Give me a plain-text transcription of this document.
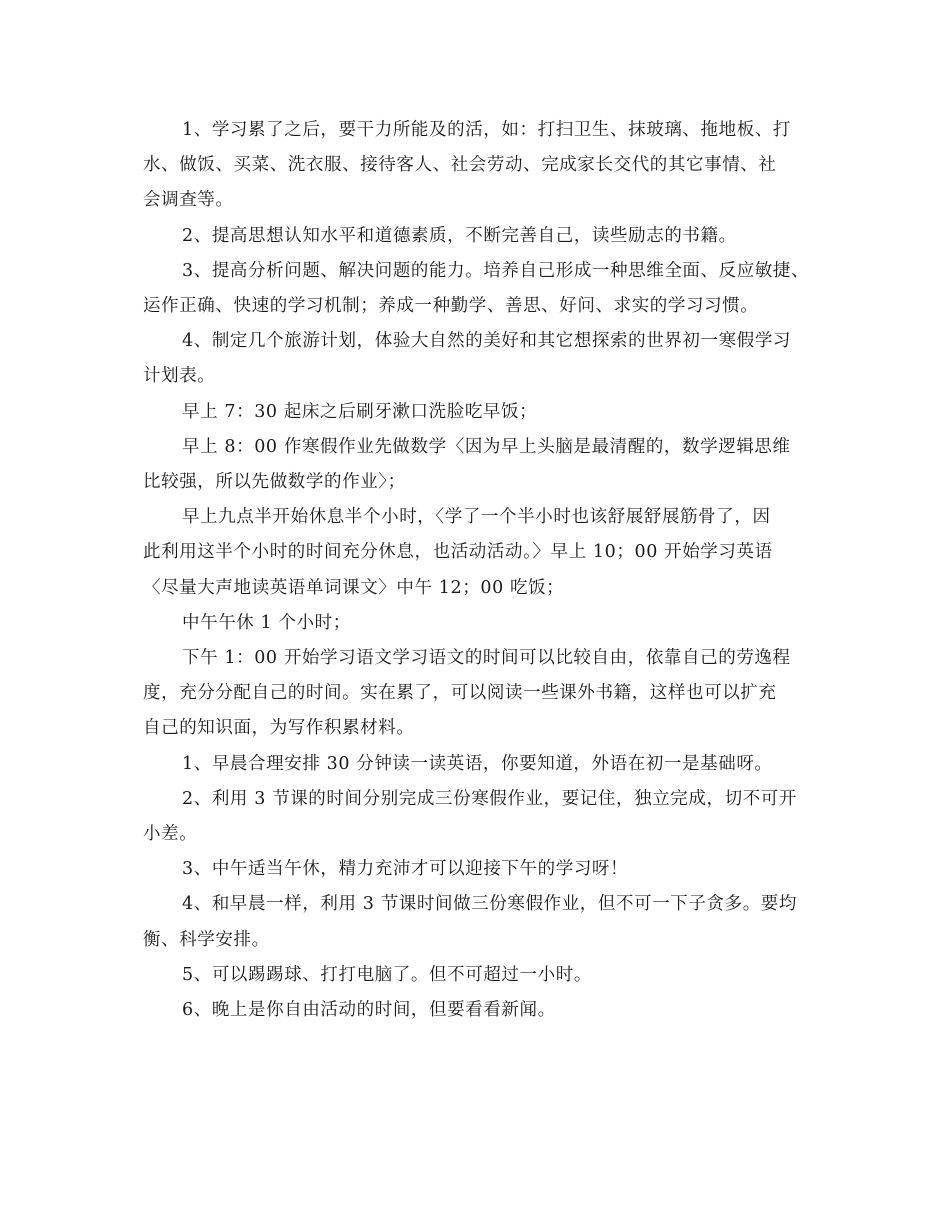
1、学习累了之后，要干力所能及的活，如：打扫卫生、抹玻璃、拖地板、打
水、做饭、买菜、洗衣服、接待客人、社会劳动、完成家长交代的其它事情、社
会调查等。
2、提高思想认知水平和道德素质，不断完善自己，读些励志的书籍。
3、提高分析问题、解决问题的能力。培养自己形成一种思维全面、反应敏捷、
运作正确、快速的学习机制；养成一种勤学、善思、好问、求实的学习习惯。
4、制定几个旅游计划，体验大自然的美好和其它想探索的世界初一寒假学习
计划表。
早上 7：30 起床之后刷牙漱口洗脸吃早饭；
早上 8：00 作寒假作业先做数学〈因为早上头脑是最清醒的，数学逻辑思维
比较强，所以先做数学的作业〉；
早上九点半开始休息半个小时，〈学了一个半小时也该舒展舒展筋骨了，因
此利用这半个小时的时间充分休息，也活动活动。〉早上 10；00 开始学习英语
〈尽量大声地读英语单词课文〉中午 12；00 吃饭；
中午午休 1 个小时；
下午 1：00 开始学习语文学习语文的时间可以比较自由，依靠自己的劳逸程
度，充分分配自己的时间。实在累了，可以阅读一些课外书籍，这样也可以扩充
自己的知识面，为写作积累材料。
1、早晨合理安排 30 分钟读一读英语，你要知道，外语在初一是基础呀。
2、利用 3 节课的时间分别完成三份寒假作业，要记住，独立完成，切不可开
小差。
3、中午适当午休，精力充沛才可以迎接下午的学习呀！
4、和早晨一样，利用 3 节课时间做三份寒假作业，但不可一下子贪多。要均
衡、科学安排。
5、可以踢踢球、打打电脑了。但不可超过一小时。
6、晚上是你自由活动的时间，但要看看新闻。
